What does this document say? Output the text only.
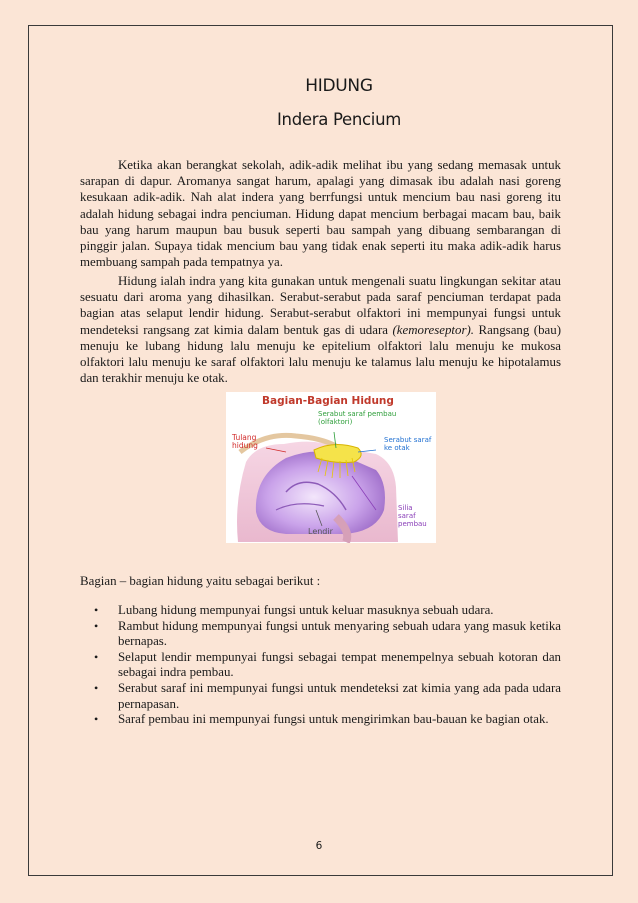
HIDUNG
Indera Pencium
Ketika akan berangkat sekolah, adik-adik melihat ibu yang sedang memasak untuk sarapan di dapur. Aromanya sangat harum, apalagi yang dimasak ibu adalah nasi goreng kesukaan adik-adik. Nah alat indera yang berrfungsi untuk mencium bau nasi goreng itu adalah hidung sebagai indra penciuman. Hidung dapat mencium berbagai macam bau, baik bau yang harum maupun bau busuk seperti bau sampah yang dibuang sembarangan di pinggir jalan. Supaya tidak mencium bau yang tidak enak seperti itu maka adik-adik harus membuang sampah pada tempatnya ya.
Hidung ialah indra yang kita gunakan untuk mengenali suatu lingkungan sekitar atau sesuatu dari aroma yang dihasilkan. Serabut-serabut pada saraf penciuman terdapat pada bagian atas selaput lendir hidung. Serabut-serabut olfaktori ini mempunyai fungsi untuk mendeteksi rangsang zat kimia dalam bentuk gas di udara (kemoreseptor). Rangsang (bau) menuju ke lubang hidung lalu menuju ke epitelium olfaktori lalu menuju ke mukosa olfaktori lalu menuju ke saraf olfaktori lalu menuju ke talamus lalu menuju ke hipotalamus dan terakhir menuju ke otak.
Bagian-Bagian Hidung
Serabut saraf pembau (olfaktori)
Tulang hidung
Serabut saraf ke otak
Silia saraf pembau
Lendir
Bagian – bagian hidung yaitu sebagai berikut :
• Lubang hidung mempunyai fungsi untuk keluar masuknya sebuah udara.
• Rambut hidung mempunyai fungsi untuk menyaring sebuah udara yang masuk ketika bernapas.
• Selaput lendir mempunyai fungsi sebagai tempat menempelnya sebuah kotoran dan sebagai indra pembau.
• Serabut saraf ini mempunyai fungsi untuk mendeteksi zat kimia yang ada pada udara pernapasan.
• Saraf pembau ini mempunyai fungsi untuk mengirimkan bau-bauan ke bagian otak.
6
